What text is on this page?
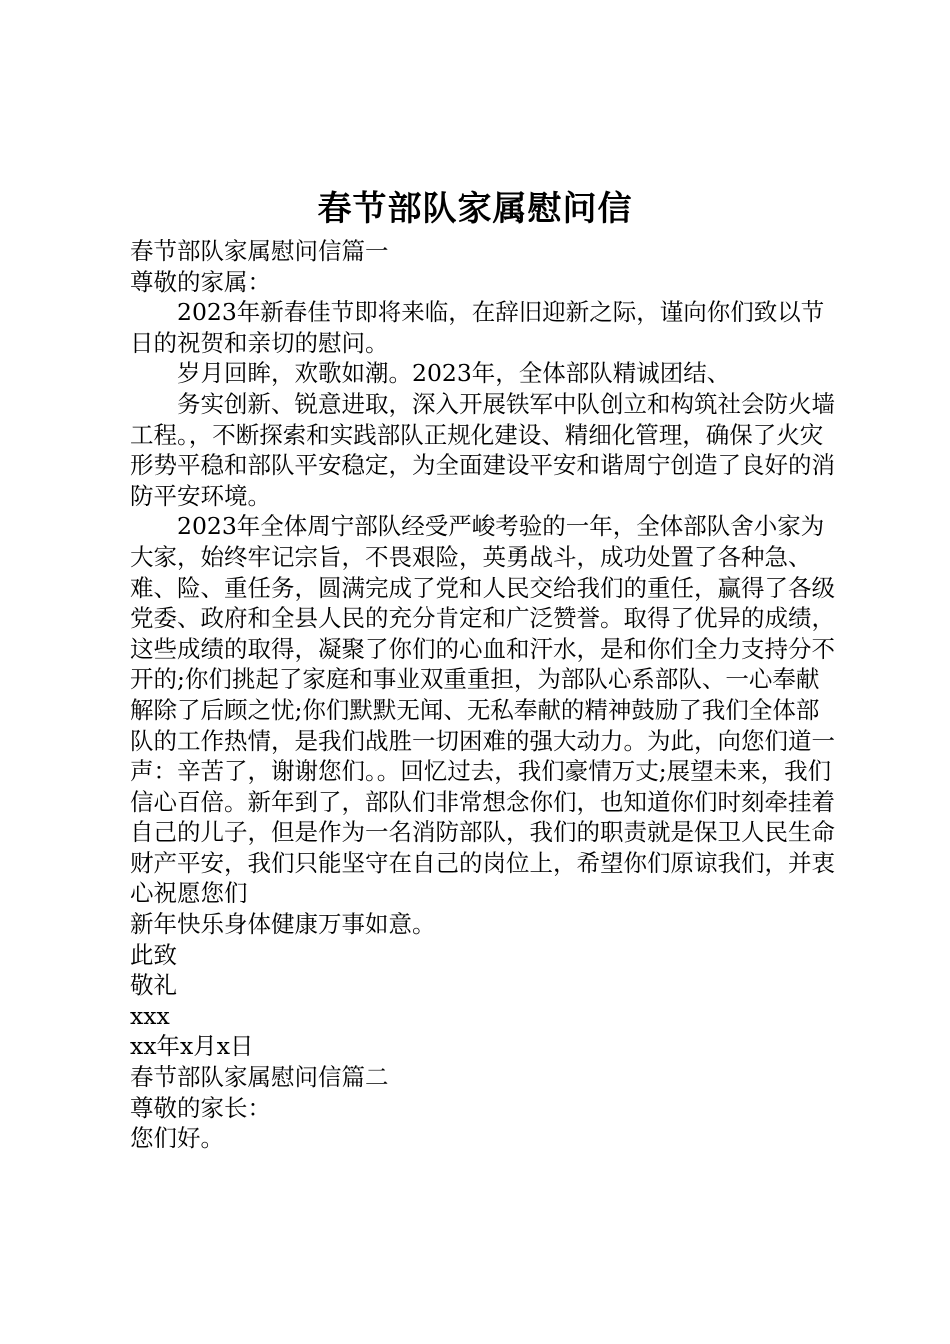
春节部队家属慰问信

春节部队家属慰问信篇一

尊敬的家属：

2023年新春佳节即将来临，在辞旧迎新之际，谨向你们致以节日的祝贺和亲切的慰问。

岁月回眸，欢歌如潮。2023年，全体部队精诚团结、

务实创新、锐意进取，深入开展铁军中队创立和构筑社会防火墙工程。，不断探索和实践部队正规化建设、精细化管理，确保了火灾形势平稳和部队平安稳定，为全面建设平安和谐周宁创造了良好的消防平安环境。

2023年全体周宁部队经受严峻考验的一年，全体部队舍小家为大家，始终牢记宗旨，不畏艰险，英勇战斗，成功处置了各种急、难、险、重任务，圆满完成了党和人民交给我们的重任，赢得了各级党委、政府和全县人民的充分肯定和广泛赞誉。取得了优异的成绩，这些成绩的取得，凝聚了你们的心血和汗水，是和你们全力支持分不开的;你们挑起了家庭和事业双重重担，为部队心系部队、一心奉献解除了后顾之忧;你们默默无闻、无私奉献的精神鼓励了我们全体部队的工作热情，是我们战胜一切困难的强大动力。为此，向您们道一声：辛苦了，谢谢您们。。回忆过去，我们豪情万丈;展望未来，我们信心百倍。新年到了，部队们非常想念你们，也知道你们时刻牵挂着自己的儿子，但是作为一名消防部队，我们的职责就是保卫人民生命财产平安，我们只能坚守在自己的岗位上，希望你们原谅我们，并衷心祝愿您们

新年快乐身体健康万事如意。

此致

敬礼

xxx

xx年x月x日

春节部队家属慰问信篇二

尊敬的家长：

您们好。
